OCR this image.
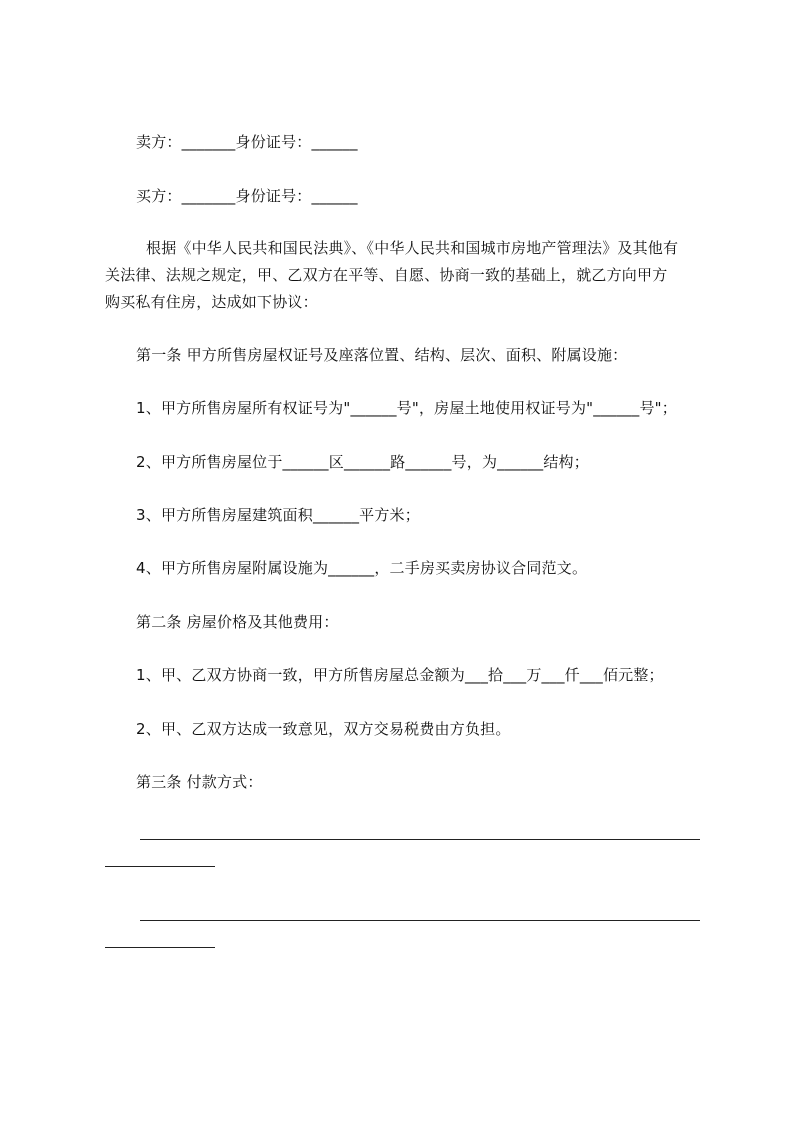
卖方：_______身份证号：______
买方：_______身份证号：______
根据《中华人民共和国民法典》、《中华人民共和国城市房地产管理法》及其他有
关法律、法规之规定，甲、乙双方在平等、自愿、协商一致的基础上，就乙方向甲方
购买私有住房，达成如下协议：
第一条 甲方所售房屋权证号及座落位置、结构、层次、面积、附属设施：
1、甲方所售房屋所有权证号为"______号"，房屋土地使用权证号为"______号"；
2、甲方所售房屋位于______区______路______号，为______结构；
3、甲方所售房屋建筑面积______平方米；
4、甲方所售房屋附属设施为______，二手房买卖房协议合同范文。
第二条 房屋价格及其他费用：
1、甲、乙双方协商一致，甲方所售房屋总金额为___拾___万___仟___佰元整；
2、甲、乙双方达成一致意见，双方交易税费由方负担。
第三条 付款方式：
